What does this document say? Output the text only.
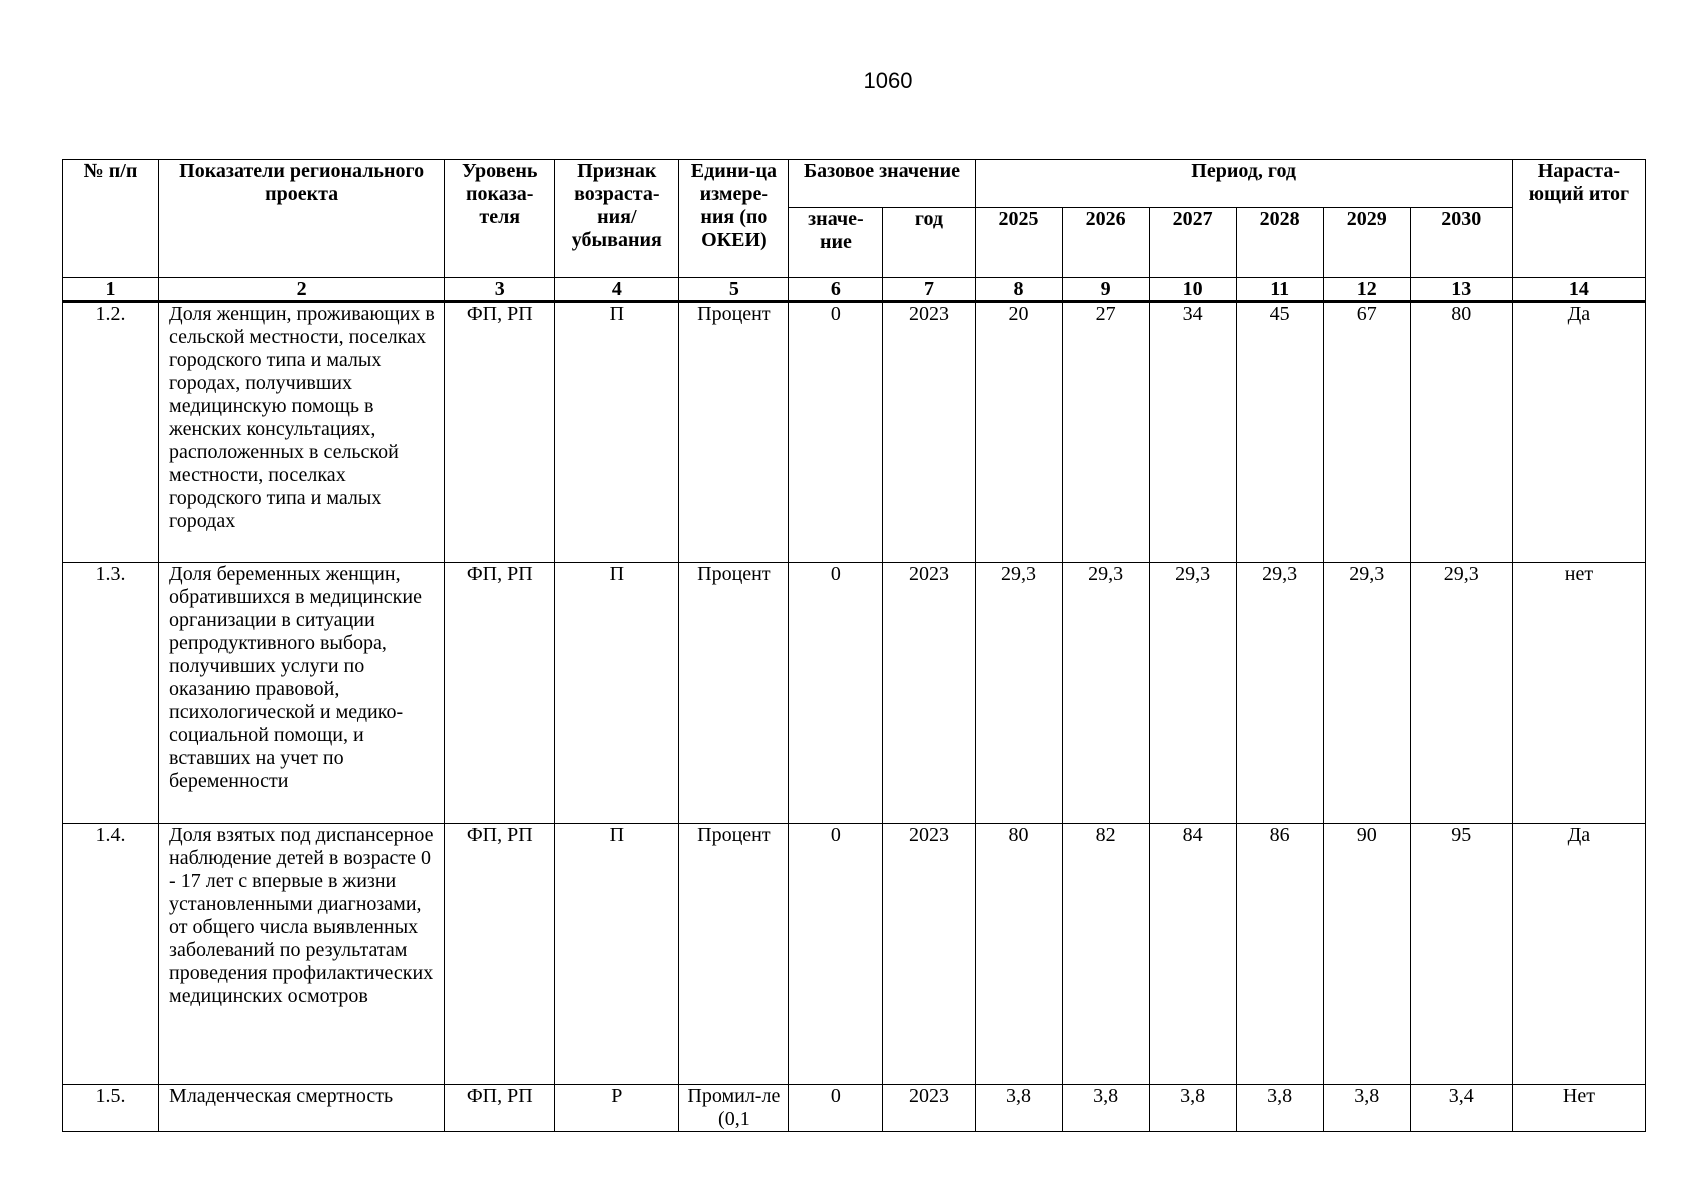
1060
№ п/п	Показатели регионального проекта	Уровень показа-теля	Признак возраста-ния/ убывания	Едини-ца измере-ния (по ОКЕИ)	Базовое значение		Период, год						Нараста-ющий итог
					значе-ние	год	2025	2026	2027	2028	2029	2030	
1	2	3	4	5	6	7	8	9	10	11	12	13	14
1.2.	Доля женщин, проживающих в сельской местности, поселках городского типа и малых городах, получивших медицинскую помощь в женских консультациях, расположенных в сельской местности, поселках городского типа и малых городах	ФП, РП	П	Процент	0	2023	20	27	34	45	67	80	Да
1.3.	Доля беременных женщин, обратившихся в медицинские организации в ситуации репродуктивного выбора, получивших услуги по оказанию правовой, психологической и медико-социальной помощи, и вставших на учет по беременности	ФП, РП	П	Процент	0	2023	29,3	29,3	29,3	29,3	29,3	29,3	нет
1.4.	Доля взятых под диспансерное наблюдение детей в возрасте 0 - 17 лет с впервые в жизни установленными диагнозами, от общего числа выявленных заболеваний по результатам проведения профилактических медицинских осмотров	ФП, РП	П	Процент	0	2023	80	82	84	86	90	95	Да
1.5.	Младенческая смертность	ФП, РП	Р	Промил-ле (0,1	0	2023	3,8	3,8	3,8	3,8	3,8	3,4	Нет
